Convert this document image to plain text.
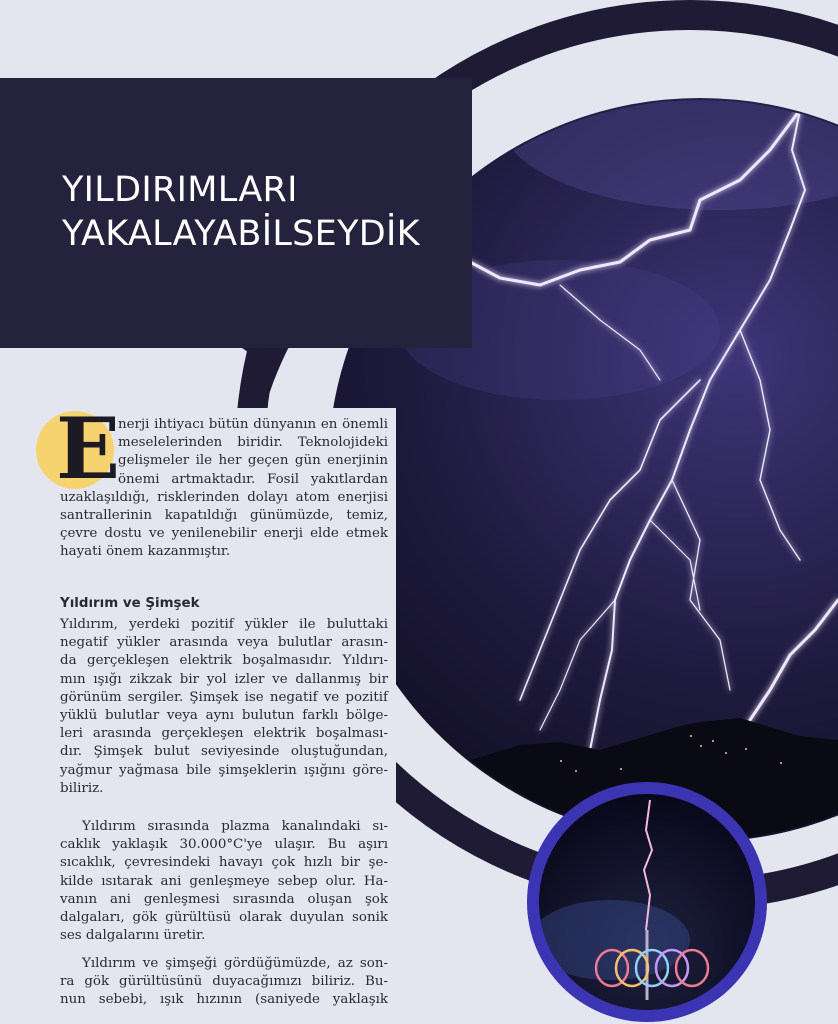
YILDIRIMLARI
YAKALAYABİLSEYDİK
E
nerji ihtiyacı bütün dünyanın en önemli
meselelerinden biridir. Teknolojideki
gelişmeler ile her geçen gün enerjinin
önemi artmaktadır. Fosil yakıtlardan
uzaklaşıldığı, risklerinden dolayı atom enerjisi
santrallerinin kapatıldığı günümüzde, temiz,
çevre dostu ve yenilenebilir enerji elde etmek
hayati önem kazanmıştır.
Yıldırım ve Şimşek
Yıldırım, yerdeki pozitif yükler ile buluttaki
negatif yükler arasında veya bulutlar arasın-
da gerçekleşen elektrik boşalmasıdır. Yıldırı-
mın ışığı zikzak bir yol izler ve dallanmış bir
görünüm sergiler. Şimşek ise negatif ve pozitif
yüklü bulutlar veya aynı bulutun farklı bölge-
leri arasında gerçekleşen elektrik boşalması-
dır. Şimşek bulut seviyesinde oluştuğundan,
yağmur yağmasa bile şimşeklerin ışığını göre-
biliriz.
Yıldırım sırasında plazma kanalındaki sı-
caklık yaklaşık 30.000°C'ye ulaşır. Bu aşırı
sıcaklık, çevresindeki havayı çok hızlı bir şe-
kilde ısıtarak ani genleşmeye sebep olur. Ha-
vanın ani genleşmesi sırasında oluşan şok
dalgaları, gök gürültüsü olarak duyulan sonik
ses dalgalarını üretir.
Yıldırım ve şimşeği gördüğümüzde, az son-
ra gök gürültüsünü duyacağımızı biliriz. Bu-
nun sebebi, ışık hızının (saniyede yaklaşık
